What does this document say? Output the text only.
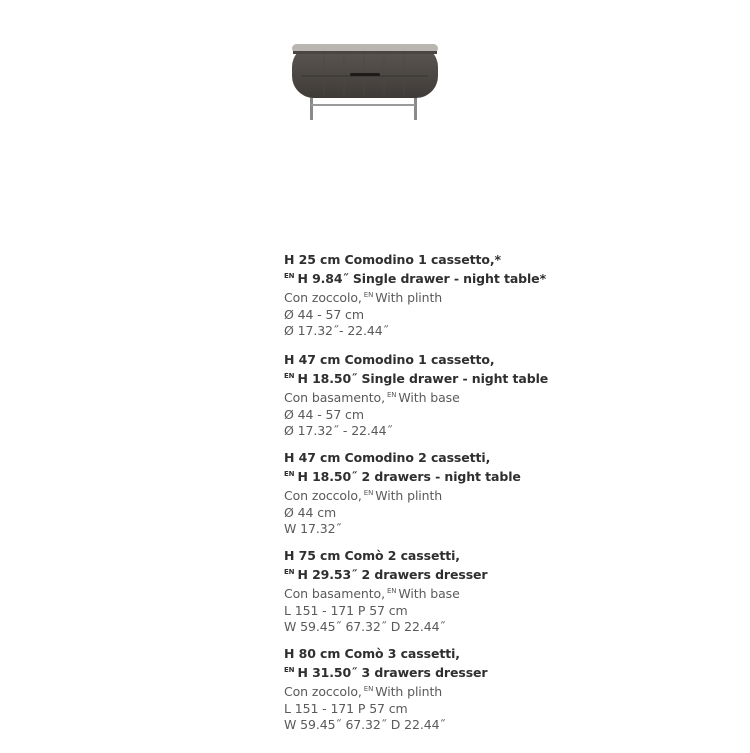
H 25 cm Comodino 1 cassetto,*
$^{EN}$ H 9.84˝ Single drawer - night table*
Con zoccolo, $^{EN}$ With plinth
Ø 44 - 57 cm
Ø 17.32˝- 22.44˝
H 47 cm Comodino 1 cassetto,
$^{EN}$ H 18.50˝ Single drawer - night table
Con basamento, $^{EN}$ With base
Ø 44 - 57 cm
Ø 17.32˝ - 22.44˝
H 47 cm Comodino 2 cassetti,
$^{EN}$ H 18.50˝ 2 drawers - night table
Con zoccolo, $^{EN}$ With plinth
Ø 44 cm
W 17.32˝
H 75 cm Comò 2 cassetti,
$^{EN}$ H 29.53˝ 2 drawers dresser
Con basamento, $^{EN}$ With base
L 151 - 171 P 57 cm
W 59.45˝ 67.32˝ D 22.44˝
H 80 cm Comò 3 cassetti,
$^{EN}$ H 31.50˝ 3 drawers dresser
Con zoccolo, $^{EN}$ With plinth
L 151 - 171 P 57 cm
W 59.45˝ 67.32˝ D 22.44˝
